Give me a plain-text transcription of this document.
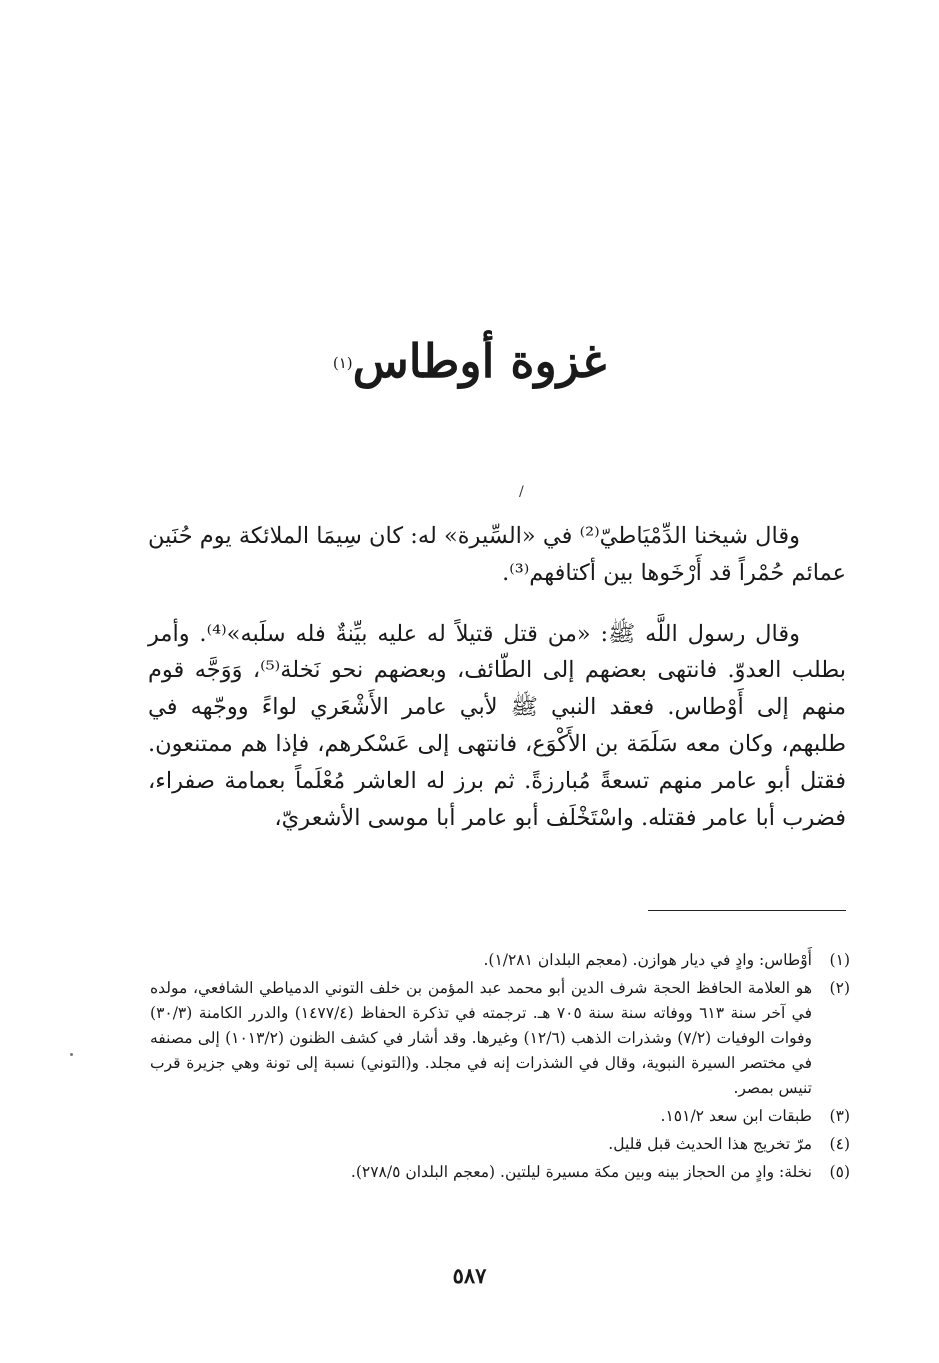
غزوة أوطاس$^{(١)}$
/

وقال شيخنا الدِّمْيَاطيّ⁽²⁾ في «السِّيرة» له: كان سِيمَا الملائكة يوم حُنَين عمائم حُمْراً قد أَرْخَوها بين أكتافهم⁽³⁾.

وقال رسول اللَّه ﷺ: «من قتل قتيلاً له عليه بيِّنةٌ فله سلَبه»⁽⁴⁾. وأمر بطلب العدوّ. فانتهى بعضهم إلى الطّائف، وبعضهم نحو نَخلة⁽⁵⁾، وَوَجَّه قوم منهم إلى أَوْطاس. فعقد النبي ﷺ لأبي عامر الأَشْعَري لواءً ووجّهه في طلبهم، وكان معه سَلَمَة بن الأَكْوَع، فانتهى إلى عَسْكرهم، فإذا هم ممتنعون. فقتل أبو عامر منهم تسعةً مُبارزةً. ثم برز له العاشر مُعْلَماً بعمامة صفراء، فضرب أبا عامر فقتله. واسْتَخْلَف أبو عامر أبا موسى الأشعريّ،

(١)
أَوْطاس: وادٍ في ديار هوازن. (معجم البلدان ١/٢٨١).
(٢)
هو العلامة الحافظ الحجة شرف الدين أبو محمد عبد المؤمن بن خلف التوني الدمياطي الشافعي، مولده في آخر سنة ٦١٣ ووفاته سنة سنة ٧٠٥ هـ. ترجمته في تذكرة الحفاظ (١٤٧٧/٤) والدرر الكامنة (٣٠/٣) وفوات الوفيات (٧/٢) وشذرات الذهب (١٢/٦) وغيرها. وقد أشار في كشف الظنون (١٠١٣/٢) إلى مصنفه في مختصر السيرة النبوية، وقال في الشذرات إنه في مجلد. و(التوني) نسبة إلى تونة وهي جزيرة قرب تنيس بمصر.
(٣)
طبقات ابن سعد ١٥١/٢.
(٤)
مرّ تخريج هذا الحديث قبل قليل.
(٥)
نخلة: وادٍ من الحجاز بينه وبين مكة مسيرة ليلتين. (معجم البلدان ٢٧٨/٥).
٥٨٧
